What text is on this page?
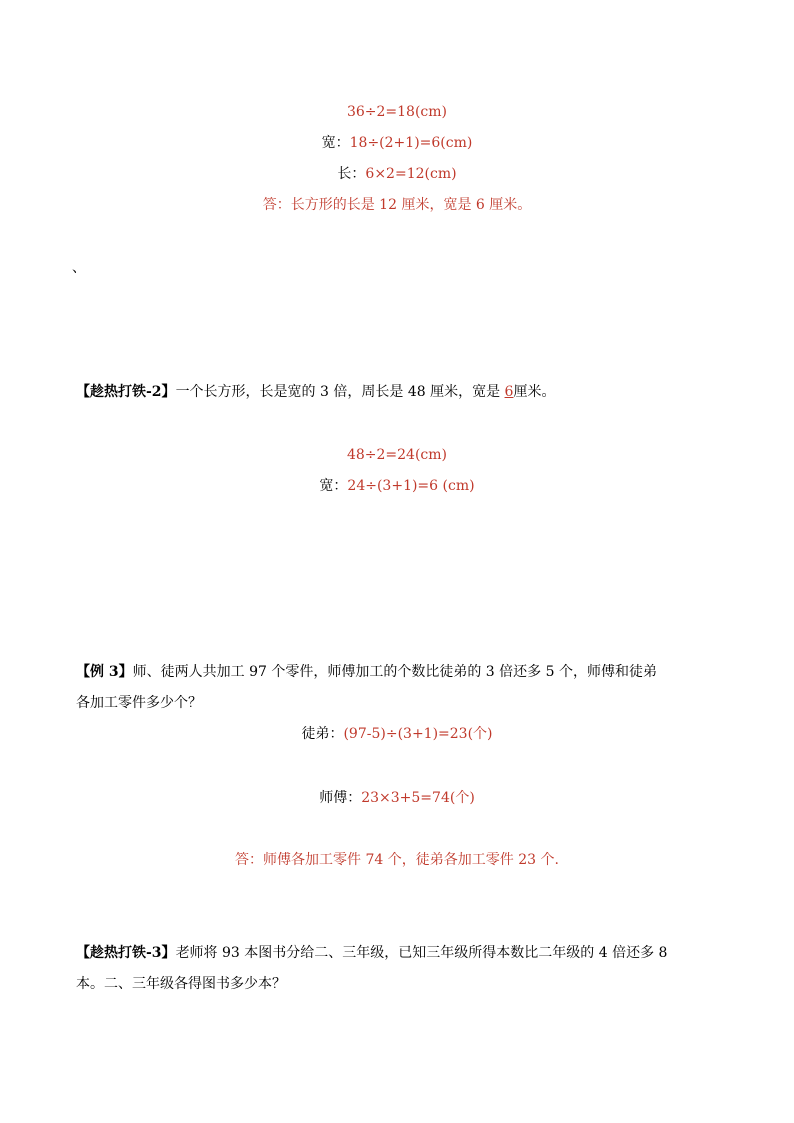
36÷2=18(cm)
宽：18÷(2+1)=6(cm)
长：6×2=12(cm)
答：长方形的长是 12 厘米，宽是 6 厘米。
、
【趁热打铁-2】一个长方形，长是宽的 3 倍，周长是 48 厘米，宽是 6厘米。
48÷2=24(cm)
宽：24÷(3+1)=6 (cm)
【例 3】师、徒两人共加工 97 个零件，师傅加工的个数比徒弟的 3 倍还多 5 个，师傅和徒弟
各加工零件多少个？
徒弟：(97-5)÷(3+1)=23(个)
师傅：23×3+5=74(个)
答：师傅各加工零件 74 个，徒弟各加工零件 23 个.
【趁热打铁-3】老师将 93 本图书分给二、三年级，已知三年级所得本数比二年级的 4 倍还多 8
本。二、三年级各得图书多少本？
